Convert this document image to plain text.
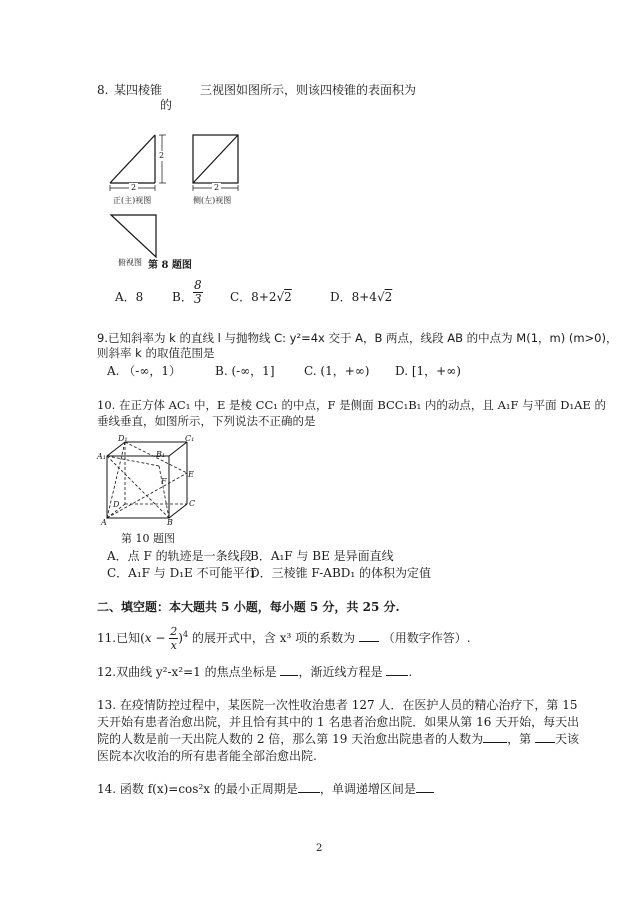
8. 某四棱锥	三视图如图所示，则该四棱锥的表面积为
的
2
2
正(主)视图
2
侧(左)视图
俯视图 第 8 题图
A．8 B． $\frac{8}{3}$ C．8+2√2	D．8+4√2
9.已知斜率为 k 的直线 l 与抛物线 C: y²=4x 交于 A，B 两点，线段 AB 的中点为 M(1，m) (m>0)，
则斜率 k 的取值范围是
A. （-∞，1）	B. (-∞，1] C. (1，+∞) D. [1，+∞)
10. 在正方体 AC₁ 中，E 是棱 CC₁ 的中点，F 是侧面 BCC₁B₁ 内的动点，且 A₁F 与平面 D₁AE 的
垂线垂直，如图所示，下列说法不正确的是
D₁	C₁
A₁	B₁
E
F
D	C
A	B
第 10 题图
A．点 F 的轨迹是一条线段
B．A₁F 与 BE 是异面直线
C．A₁F 与 D₁E 不可能平行
D．三棱锥 F-ABD₁ 的体积为定值
二、填空题：本大题共 5 小题，每小题 5 分，共 25 分.
11.已知$(x - \frac{2}{x} )^4$ 的展开式中，含 x³ 项的系数为 （用数字作答）.
12.双曲线 y²-x²=1 的焦点坐标是 ，渐近线方程是 .
13. 在疫情防控过程中，某医院一次性收治患者 127 人．在医护人员的精心治疗下，第 15
天开始有患者治愈出院，并且恰有其中的 1 名患者治愈出院．如果从第 16 天开始，每天出
院的人数是前一天出院人数的 2 倍，那么第 19 天治愈出院患者的人数为 ，第 天该
医院本次收治的所有患者能全部治愈出院.
14. 函数 f(x)=cos²x 的最小正周期是 ，单调递增区间是
2
